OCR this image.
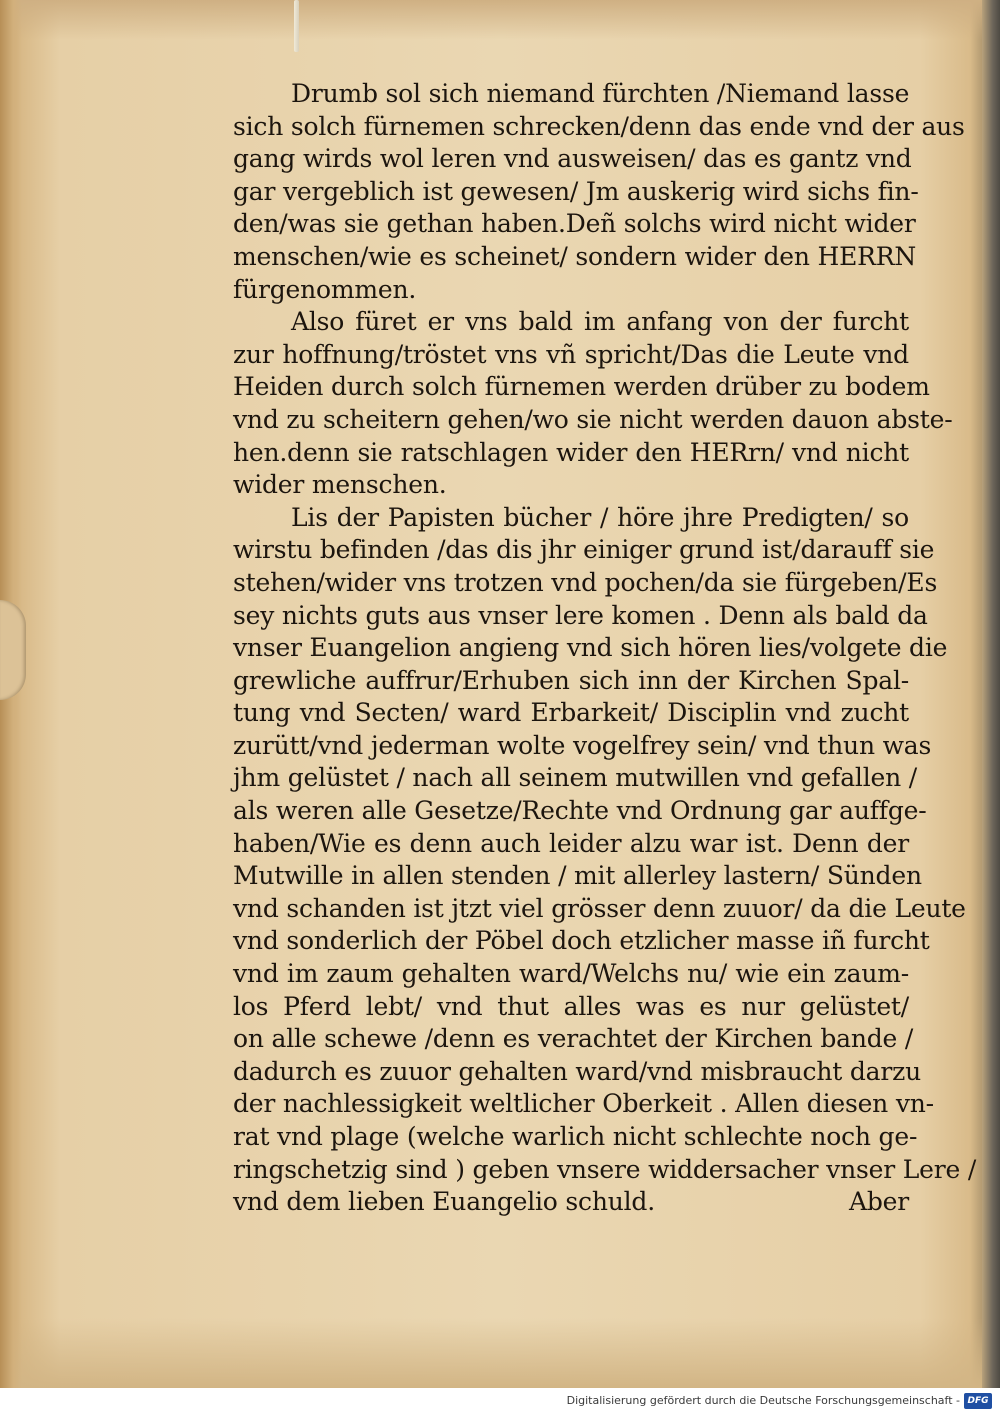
Drumb sol sich niemand fürchten /Niemand lasse
sich solch fürnemen schrecken/denn das ende vnd der aus
gang wirds wol leren vnd ausweisen/ das es gantz vnd
gar vergeblich ist gewesen/ Jm auskerig wird sichs fin-
den/was sie gethan haben.Deñ solchs wird nicht wider
menschen/wie es scheinet/ sondern wider den HERRN
fürgenommen.
Also füret er vns bald im anfang von der furcht
zur hoffnung/tröstet vns vñ spricht/Das die Leute vnd
Heiden durch solch fürnemen werden drüber zu bodem
vnd zu scheitern gehen/wo sie nicht werden dauon abste-
hen.denn sie ratschlagen wider den HERrn/ vnd nicht
wider menschen.
Lis der Papisten bücher / höre jhre Predigten/ so
wirstu befinden /das dis jhr einiger grund ist/darauff sie
stehen/wider vns trotzen vnd pochen/da sie fürgeben/Es
sey nichts guts aus vnser lere komen . Denn als bald da
vnser Euangelion angieng vnd sich hören lies/volgete die
grewliche auffrur/Erhuben sich inn der Kirchen Spal-
tung vnd Secten/ ward Erbarkeit/ Disciplin vnd zucht
zurütt/vnd jederman wolte vogelfrey sein/ vnd thun was
jhm gelüstet / nach all seinem mutwillen vnd gefallen /
als weren alle Gesetze/Rechte vnd Ordnung gar auffge-
haben/Wie es denn auch leider alzu war ist. Denn der
Mutwille in allen stenden / mit allerley lastern/ Sünden
vnd schanden ist jtzt viel grösser denn zuuor/ da die Leute
vnd sonderlich der Pöbel doch etzlicher masse iñ furcht
vnd im zaum gehalten ward/Welchs nu/ wie ein zaum-
los Pferd lebt/ vnd thut alles was es nur gelüstet/
on alle schewe /denn es verachtet der Kirchen bande /
dadurch es zuuor gehalten ward/vnd misbraucht darzu
der nachlessigkeit weltlicher Oberkeit . Allen diesen vn-
rat vnd plage (welche warlich nicht schlechte noch ge-
ringschetzig sind ) geben vnsere widdersacher vnser Lere /
vnd dem lieben Euangelio schuld.	Aber
Digitalisierung gefördert durch die Deutsche Forschungsgemeinschaft - DFG
